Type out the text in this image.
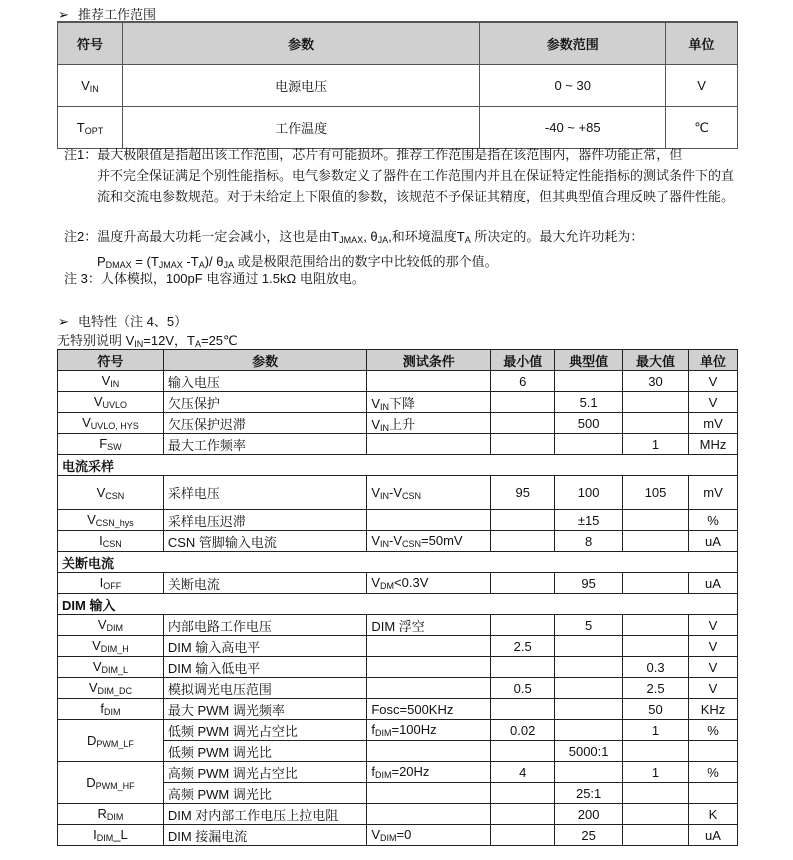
➢ 推荐工作范围
符号	参数	参数范围	单位
$V_{IN}$	电源电压	0 ~ 30	V
$T_{OPT}$	工作温度	-40 ~ +85	℃
注1：最大极限值是指超出该工作范围，芯片有可能损坏。推荐工作范围是指在该范围内，器件功能正常，但
并不完全保证满足个别性能指标。电气参数定义了器件在工作范围内并且在保证特定性能指标的测试条件下的直流和交流电参数规范。对于未给定上下限值的参数，该规范不予保证其精度，但其典型值合理反映了器件性能。
注2：温度升高最大功耗一定会减小，这也是由$T_{JMAX}$, $\theta_{JA}$,和环境温度$T_A$ 所决定的。最大允许功耗为：
$P_{DMAX} = (T_{JMAX}$ $-T_A)/$ $\theta_{JA}$ 或是极限范围给出的数字中比较低的那个值。
注 3：人体模拟，100pF 电容通过 1.5kΩ 电阻放电。
➢ 电特性（注 4、5）
无特别说明 $V_{IN}=12V$，$T_A=25℃$
符号	参数	测试条件	最小值	典型值	最大值	单位
$V_{IN}$	输入电压		6		30	V
$V_{UVLO}$	欠压保护	$V_{IN}$下降		5.1		V
$V_{UVLO, HYS}$	欠压保护迟滞	$V_{IN}$上升		500		mV
$F_{SW}$	最大工作频率				1	MHz
电流采样						
$V_{CSN}$	采样电压	$V_{IN}-V_{CSN}$	95	100	105	mV
$V_{CSN\_hys}$	采样电压迟滞			±15		%
$I_{CSN}$	CSN 管脚输入电流	$V_{IN}-V_{CSN}=50mV$		8		uA
关断电流						
$I_{OFF}$	关断电流	$V_{DM}<0.3V$		95		uA
DIM 输入						
$V_{DIM}$	内部电路工作电压	DIM 浮空		5		V
$V_{DIM\_H}$	DIM 输入高电平		2.5			V
$V_{DIM\_L}$	DIM 输入低电平				0.3	V
$V_{DIM\_DC}$	模拟调光电压范围		0.5		2.5	V
$f_{DIM}$	最大 PWM 调光频率	Fosc=500KHz			50	KHz
$D_{PWM\_LF}$	低频 PWM 调光占空比	$f_{DIM}=100Hz$	0.02		1	%
	低频 PWM 调光比			5000:1		
$D_{PWM\_HF}$	高频 PWM 调光占空比	$f_{DIM}=20Hz$	4		1	%
	高频 PWM 调光比			25:1		
$R_{DIM}$	DIM 对内部工作电压上拉电阻			200		K
$I_{DIM}\_L$	DIM 接漏电流	$V_{DIM}=0$		25		uA
